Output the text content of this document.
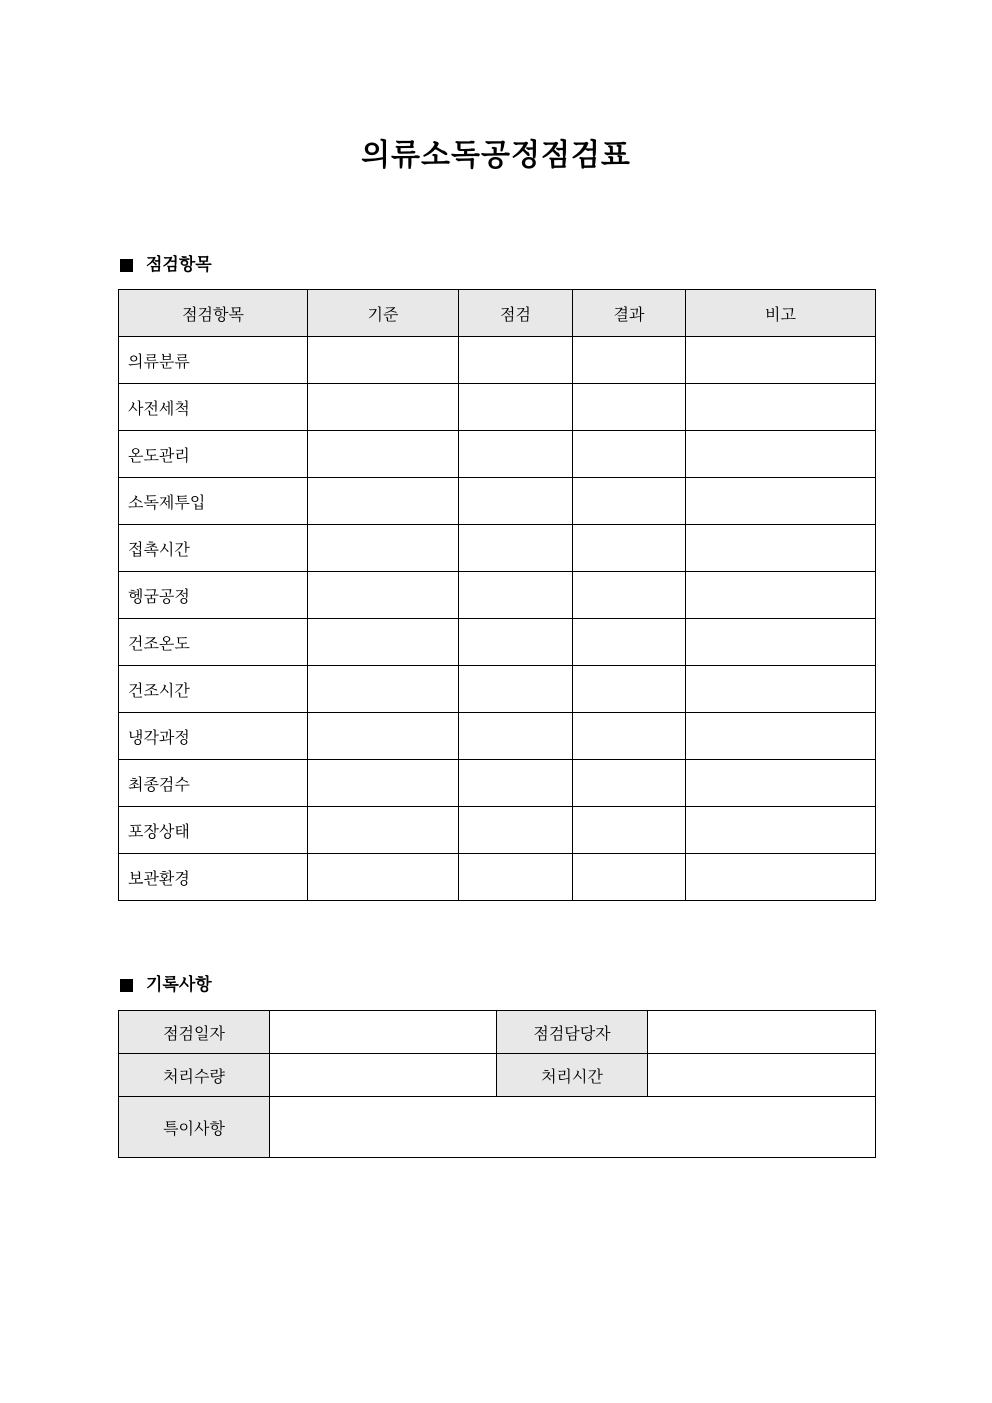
의류소독공정점검표
점검항목
점검항목	기준	점검	결과	비고
의류분류				
사전세척				
온도관리				
소독제투입				
접촉시간				
헹굼공정				
건조온도				
건조시간				
냉각과정				
최종검수				
포장상태				
보관환경				
기록사항
점검일자		점검담당자	
처리수량		처리시간	
특이사항			
